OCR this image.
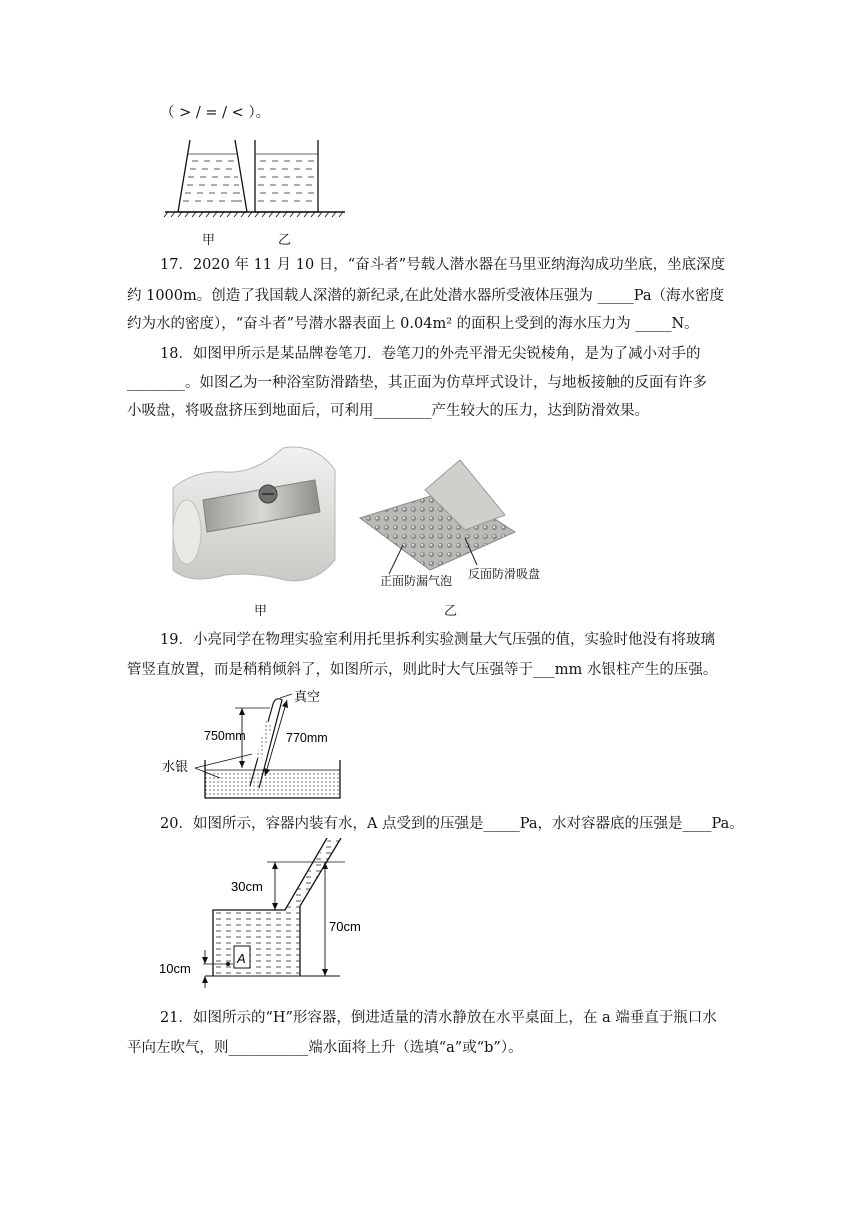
（ > / = / < ）。
甲	乙
17．2020 年 11 月 10 日，“奋斗者”号载人潜水器在马里亚纳海沟成功坐底，坐底深度
约 1000m。创造了我国载人深潜的新纪录,在此处潜水器所受液体压强为 _____Pa（海水密度
约为水的密度），“奋斗者”号潜水器表面上 0.04m² 的面积上受到的海水压力为 _____N。
18．如图甲所示是某品牌卷笔刀．卷笔刀的外壳平滑无尖锐棱角，是为了减小对手的
________。如图乙为一种浴室防滑踏垫，其正面为仿草坪式设计，与地板接触的反面有许多
小吸盘，将吸盘挤压到地面后，可利用________产生较大的压力，达到防滑效果。
正面防漏气泡 反面防滑吸盘
甲	乙
19．小亮同学在物理实验室利用托里拆利实验测量大气压强的值，实验时他没有将玻璃
管竖直放置，而是稍稍倾斜了，如图所示，则此时大气压强等于___mm 水银柱产生的压强。
真空
750mm	770mm
水银
20．如图所示，容器内装有水，A 点受到的压强是_____Pa，水对容器底的压强是____Pa。
A
30cm
70cm
10cm
21．如图所示的“H”形容器，倒进适量的清水静放在水平桌面上，在 a 端垂直于瓶口水
平向左吹气，则___________端水面将上升（选填“a”或“b”）。
